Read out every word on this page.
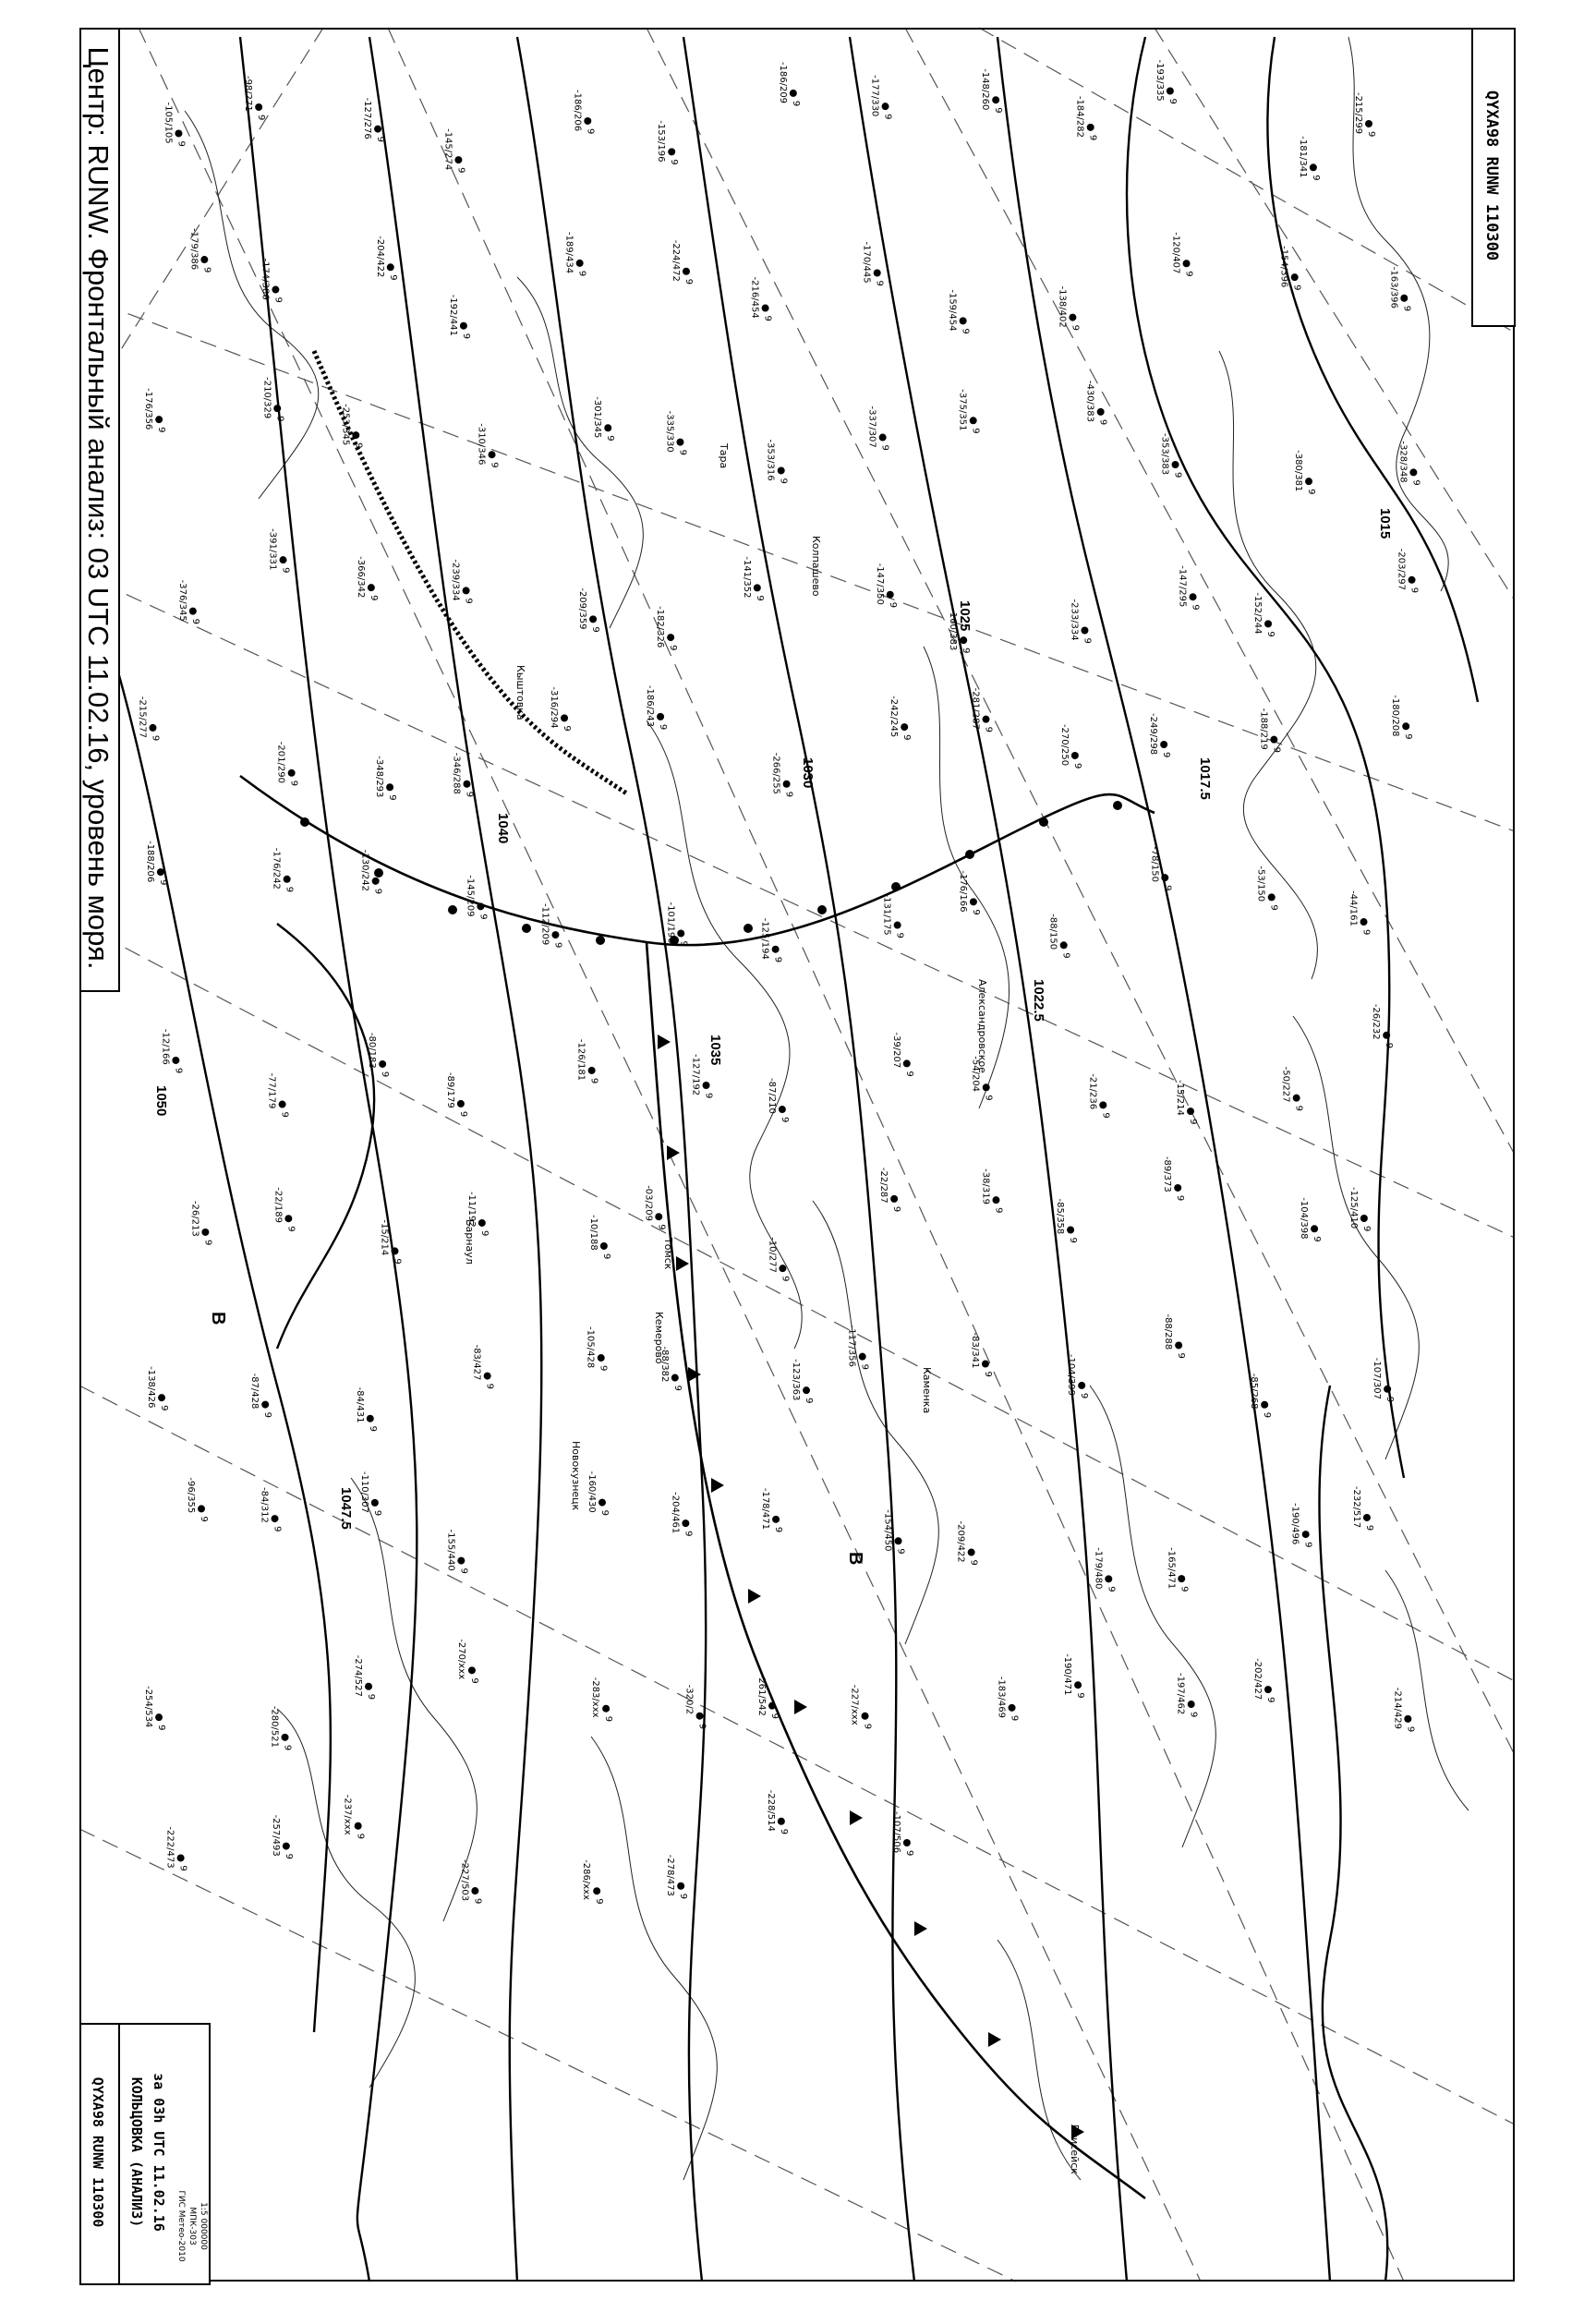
В
В
1050
1047.5
1040
1035
1030
1025
1022.5
1017.5
1015
Александровское
Барнаул
Кемерово
Новокузнецк
Томск
Кыштовка
Тара
Каменка
Енисейск
Колпашево
-105/105
9
-98/271
9	-127/276
9	-145/274
9
-186/206
9	-153/196
9
-186/209
9	-177/330
9
-148/260
9	-184/282
9
-193/335
9
-181/341
9
-215/299
9
-179/386
9	-174/386
9
-204/422
9
-192/441
9
-189/434
9	-224/472
9	-216/454
9
-170/445
9
-159/454
9
-138/402
9
-120/407
9	-154/396
9	-163/396
9
-176/356
9
-210/329
9	-253/345
9	-310/346
9
-301/345
9	-335/330
9	-353/316
9
-337/307
9
-375/351
9
-430/383
9
-353/383
9	-380/381
9
-328/348
9
-376/345
9
-391/331
9	-366/342
9	-239/334
9	-209/359
9	-182/326
9
-141/352
9	-147/350
9
-160/383
9
-233/334
9
-147/295
9	-152/244
9
-203/297
9
-215/277
9
-201/290
9	-348/293
9
-346/288
9
-316/294
9
-186/243
9
-266/255
9
-242/245
9
-281/287
9	-270/250
9
-249/298
9
-188/219
9
-180/208
9
-188/206
9	-176/242
9	-130/242
9	-145/209
9	-112/209
9
-101/190
9	-125/194
9
-131/175
9
-176/166
9
-88/150
9
-78/150
9	-53/150
9	-44/161
9
-12/166
9
-77/179
9
-80/183
9	-89/179
9
-126/181
9	-127/192
9	-87/210
9
-39/207
9	-54/204
9	-21/236
9	-15/214
9
-50/227
9
-26/232
9
-26/213
9
-22/189
9	-15/214
9
-11/192
9	-10/188
9
-03/209
9
-10/277
9
-22/287
9
-38/319
9	-85/358
9
-89/373
9	-104/398
9
-125/410
9
-138/426
9	-87/428
9	-84/431
9
-83/427
9
-105/428
9	-88/382
9	-123/363
9
-117/356
9	-83/341
9	-104/399
9
-88/288
9
-85/268
9
-107/307
9
-96/355
9	-84/312
9
-110/307
9
-155/440
9
-160/430
9	-204/461
9
-178/471
9	-154/450
9	-209/422
9	-179/480
9
-165/471
9
-190/496
9
-232/517
9
-254/534
9	-280/521
9
-274/527
9
-270/xxx
9	-283/xxx
9
-320/2
9
-261/542
9	-227/xxx
9
-183/469
9
-190/471
9	-197/462
9
-202/427
9	-214/429
9
-222/473
9
-257/493
9
-237/xxx
9
-227/503
9
-286/xxx
9
-278/473
9
-228/514
9	-107/506
9
Центр: RUNW. Фронтальный анализ: 03 UTC 11.02.16, уровень моря.	QYXA98 RUNW 110300
QYXA98 RUNW 110300 КОЛЬЦОВКА (АНАЛИЗ) за 03h UTC 11.02.16 ГИС Метео-2010 МПК-303 1:5 000000
